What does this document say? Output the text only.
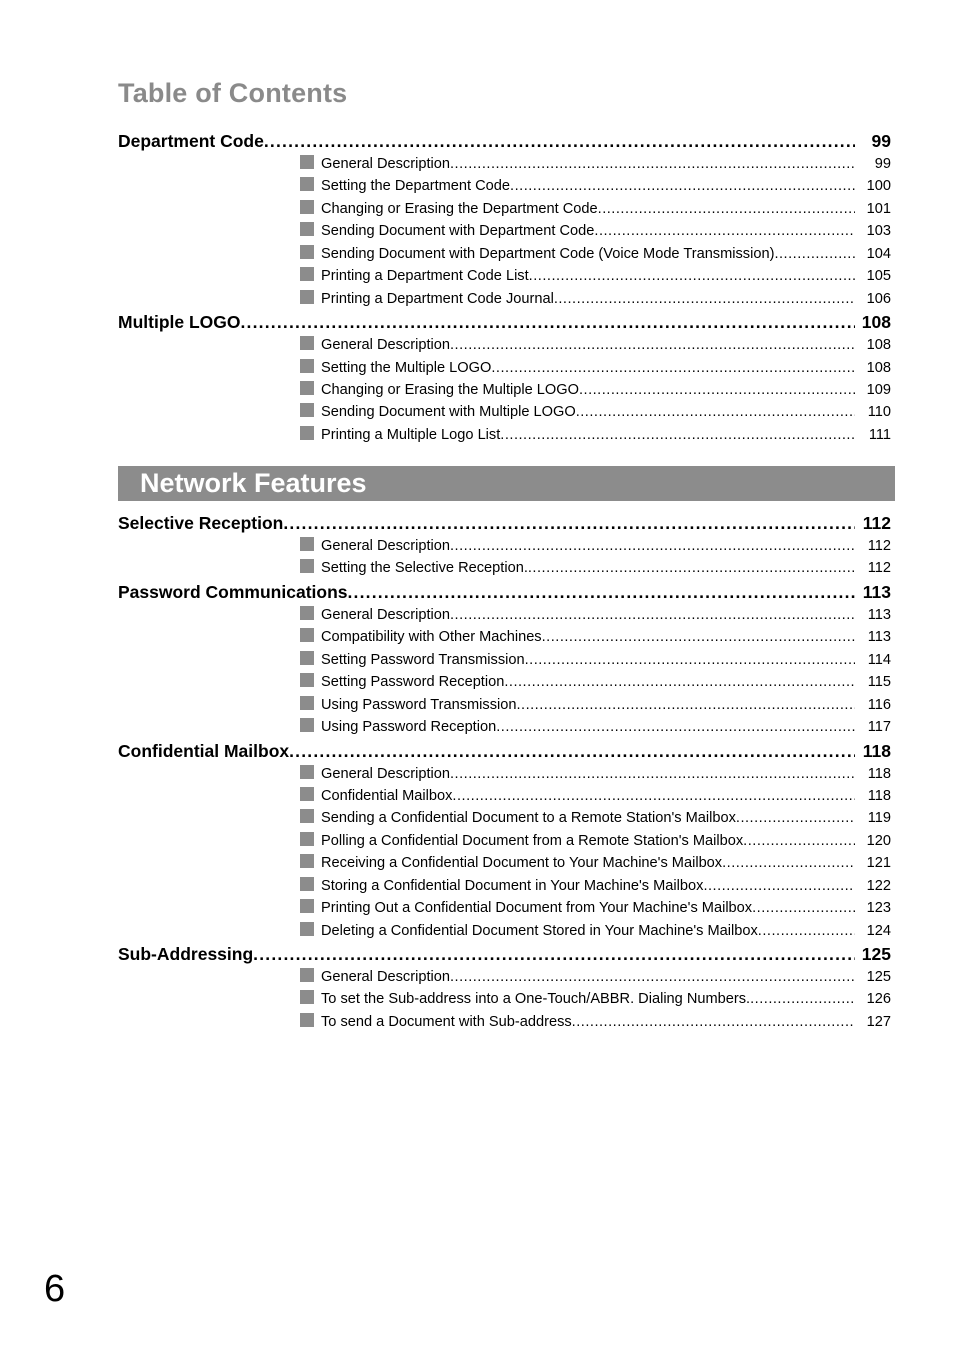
Table of Contents
Department Code .....	99
General Description .....	99
Setting the Department Code .....	100
Changing or Erasing the Department Code .....	101
Sending Document with Department Code .....	103
Sending Document with Department Code (Voice Mode Transmission) .....	104
Printing a Department Code List .....	105
Printing a Department Code Journal .....	106
Multiple LOGO .....	108
General Description .....	108
Setting the Multiple LOGO .....	108
Changing or Erasing the Multiple LOGO .....	109
Sending Document with Multiple LOGO .....	110
Printing a Multiple Logo List .....	111
Network Features
Selective Reception .....	112
General Description .....	112
Setting the Selective Reception. .....	112
Password Communications .....	113
General Description .....	113
Compatibility with Other Machines .....	113
Setting Password Transmission .....	114
Setting Password Reception .....	115
Using Password Transmission .....	116
Using Password Reception .....	117
Confidential Mailbox .....	118
General Description .....	118
Confidential Mailbox .....	118
Sending a Confidential Document to a Remote Station's Mailbox .....	119
Polling a Confidential Document from a Remote Station's Mailbox .....	120
Receiving a Confidential Document to Your Machine's Mailbox .....	121
Storing a Confidential Document in Your Machine's Mailbox .....	122
Printing Out a Confidential Document from Your Machine's Mailbox .....	123
Deleting a Confidential Document Stored in Your Machine's Mailbox .....	124
Sub-Addressing .....	125
General Description .....	125
To set the Sub-address into a One-Touch/ABBR. Dialing Numbers. .....	126
To send a Document with Sub-address .....	127
6
